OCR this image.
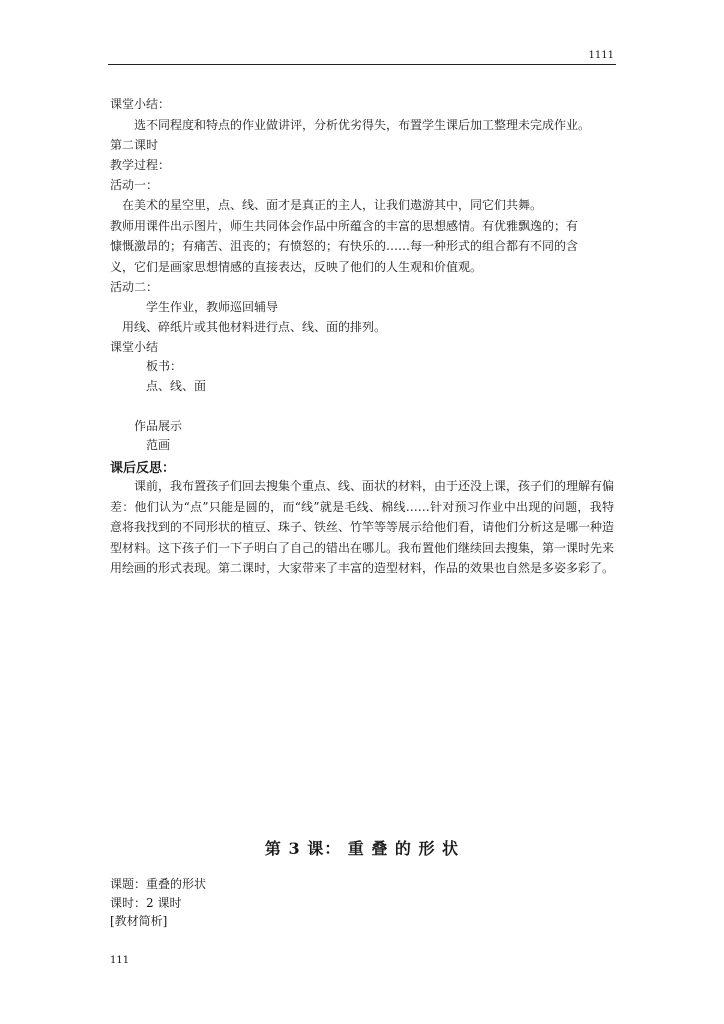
1111
课堂小结：
　　选不同程度和特点的作业做讲评，分析优劣得失，布置学生课后加工整理未完成作业。
第二课时
教学过程：
活动一：
　在美术的星空里，点、线、面才是真正的主人，让我们遨游其中，同它们共舞。
教师用课件出示图片，师生共同体会作品中所蕴含的丰富的思想感情。有优雅飘逸的；有
慷慨激昂的；有痛苦、沮丧的；有愤怒的；有快乐的……每一种形式的组合都有不同的含
义，它们是画家思想情感的直接表达，反映了他们的人生观和价值观。
活动二：
　　　学生作业，教师巡回辅导
　用线、碎纸片或其他材料进行点、线、面的排列。
课堂小结
　　　板书：
　　　点、线、面
　　作品展示
　　　范画
课后反思：
课前，我布置孩子们回去搜集个重点、线、面状的材料，由于还没上课，孩子们的理解有偏差：他们认为“点”只能是圆的，而“线”就是毛线、棉线……针对预习作业中出现的问题，我特意将我找到的不同形状的植豆、珠子、铁丝、竹竿等等展示给他们看，请他们分析这是哪一种造型材料。这下孩子们一下子明白了自己的错出在哪儿。我布置他们继续回去搜集，第一课时先来用绘画的形式表现。第二课时，大家带来了丰富的造型材料，作品的效果也自然是多姿多彩了。
第 3 课： 重 叠 的 形 状
课题：重叠的形状
课时：2 课时
[教材简析]
111
